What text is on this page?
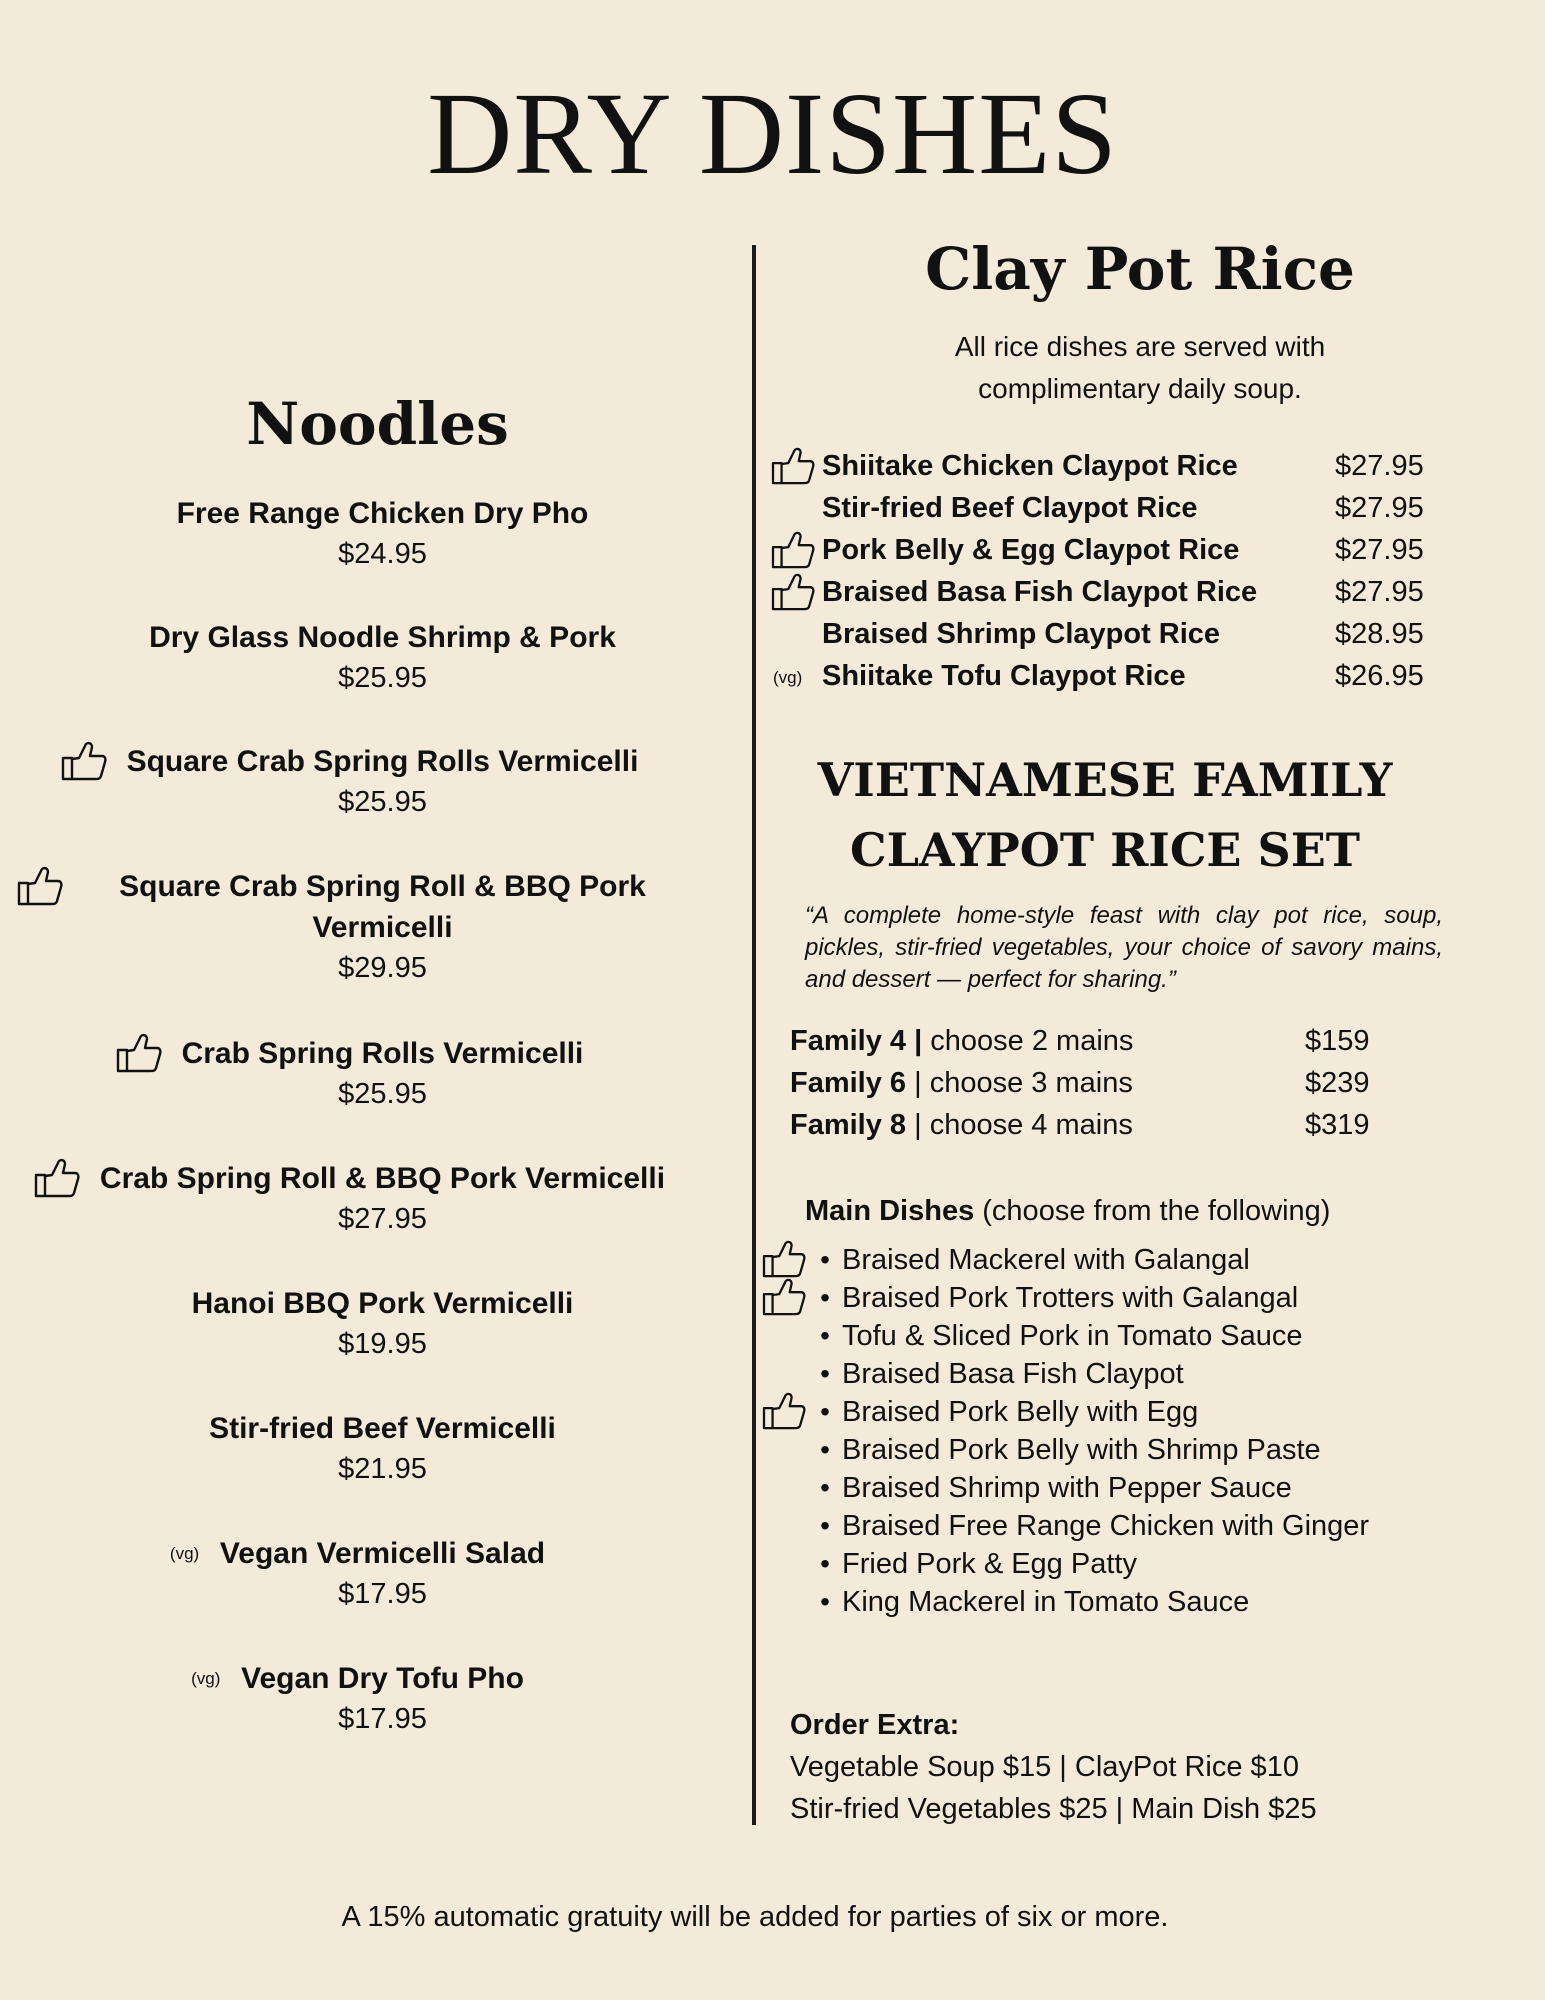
DRY DISHES
Noodles
Free Range Chicken Dry Pho
$24.95
Dry Glass Noodle Shrimp & Pork
$25.95
Square Crab Spring Rolls Vermicelli
$25.95
Square Crab Spring Roll & BBQ Pork Vermicelli
$29.95
Crab Spring Rolls Vermicelli
$25.95
Crab Spring Roll & BBQ Pork Vermicelli
$27.95
Hanoi BBQ Pork Vermicelli
$19.95
Stir-fried Beef Vermicelli
$21.95
Vegan Vermicelli Salad
(vg)
$17.95
Vegan Dry Tofu Pho
(vg)
$17.95
Clay Pot Rice
All rice dishes are served with
complimentary daily soup.
Shiitake Chicken Claypot Rice	$27.95
Stir-fried Beef Claypot Rice	$27.95
Pork Belly & Egg Claypot Rice	$27.95
Braised Basa Fish Claypot Rice	$27.95
Braised Shrimp Claypot Rice	$28.95
(vg) Shiitake Tofu Claypot Rice	$26.95
VIETNAMESE FAMILY
CLAYPOT RICE SET
“A complete home-style feast with clay pot rice, soup, pickles, stir-fried vegetables, your choice of savory mains, and dessert — perfect for sharing.”
Family 4 | choose 2 mains	$159
Family 6 | choose 3 mains	$239
Family 8 | choose 4 mains	$319
Main Dishes (choose from the following)
• Braised Mackerel with Galangal
• Braised Pork Trotters with Galangal
• Tofu & Sliced Pork in Tomato Sauce
• Braised Basa Fish Claypot
• Braised Pork Belly with Egg
• Braised Pork Belly with Shrimp Paste
• Braised Shrimp with Pepper Sauce
• Braised Free Range Chicken with Ginger
• Fried Pork & Egg Patty
• King Mackerel in Tomato Sauce
Order Extra:
Vegetable Soup $15 | ClayPot Rice $10
Stir-fried Vegetables $25 | Main Dish $25
A 15% automatic gratuity will be added for parties of six or more.
